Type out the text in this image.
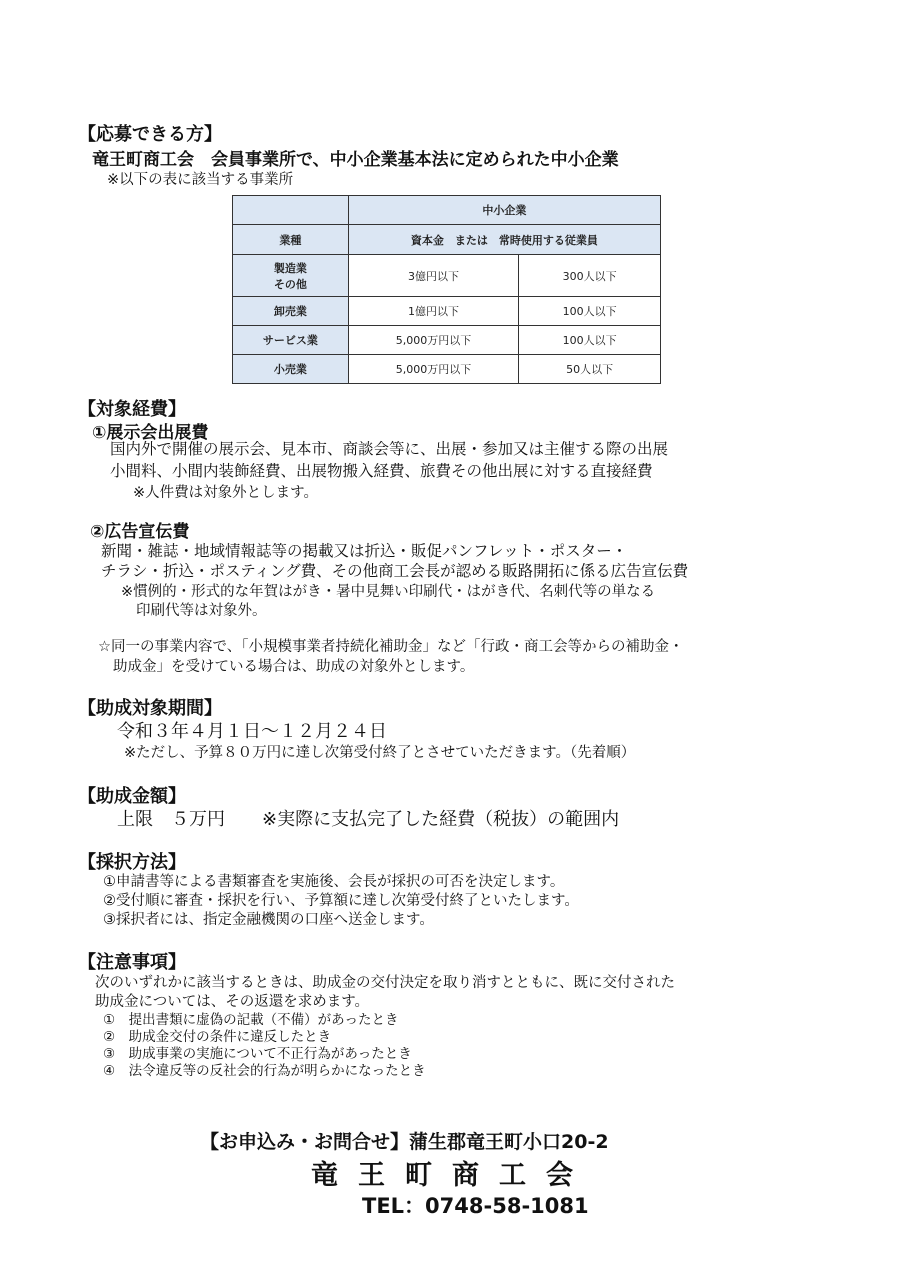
【応募できる方】
竜王町商工会　会員事業所で、中小企業基本法に定められた中小企業
※以下の表に該当する事業所
	中小企業	
業種	資本金　または　常時使用する従業員	

製造業
その他	3億円以下	300人以下
卸売業	1億円以下	100人以下
サービス業	5,000万円以下	100人以下
小売業	5,000万円以下	50人以下
【対象経費】
①展示会出展費
国内外で開催の展示会、見本市、商談会等に、出展・参加又は主催する際の出展
小間料、小間内装飾経費、出展物搬入経費、旅費その他出展に対する直接経費
※人件費は対象外とします。
②広告宣伝費
新聞・雑誌・地域情報誌等の掲載又は折込・販促パンフレット・ポスター・
チラシ・折込・ポスティング費、その他商工会長が認める販路開拓に係る広告宣伝費
※慣例的・形式的な年賀はがき・暑中見舞い印刷代・はがき代、名刺代等の単なる
印刷代等は対象外。
☆同一の事業内容で、「小規模事業者持続化補助金」など「行政・商工会等からの補助金・
助成金」を受けている場合は、助成の対象外とします。
【助成対象期間】
令和３年４月１日～１２月２４日
※ただし、予算８０万円に達し次第受付終了とさせていただきます。（先着順）
【助成金額】
上限　５万円 ※実際に支払完了した経費（税抜）の範囲内
【採択方法】
①申請書等による書類審査を実施後、会長が採択の可否を決定します。
②受付順に審査・採択を行い、予算額に達し次第受付終了といたします。
③採択者には、指定金融機関の口座へ送金します。
【注意事項】
次のいずれかに該当するときは、助成金の交付決定を取り消すとともに、既に交付された
助成金については、その返還を求めます。
①　提出書類に虚偽の記載（不備）があったとき
②　助成金交付の条件に違反したとき
③　助成事業の実施について不正行為があったとき
④　法令違反等の反社会的行為が明らかになったとき
【お申込み・お問合せ】蒲生郡竜王町小口20-2
竜王町商工会
TEL：0748-58-1081
